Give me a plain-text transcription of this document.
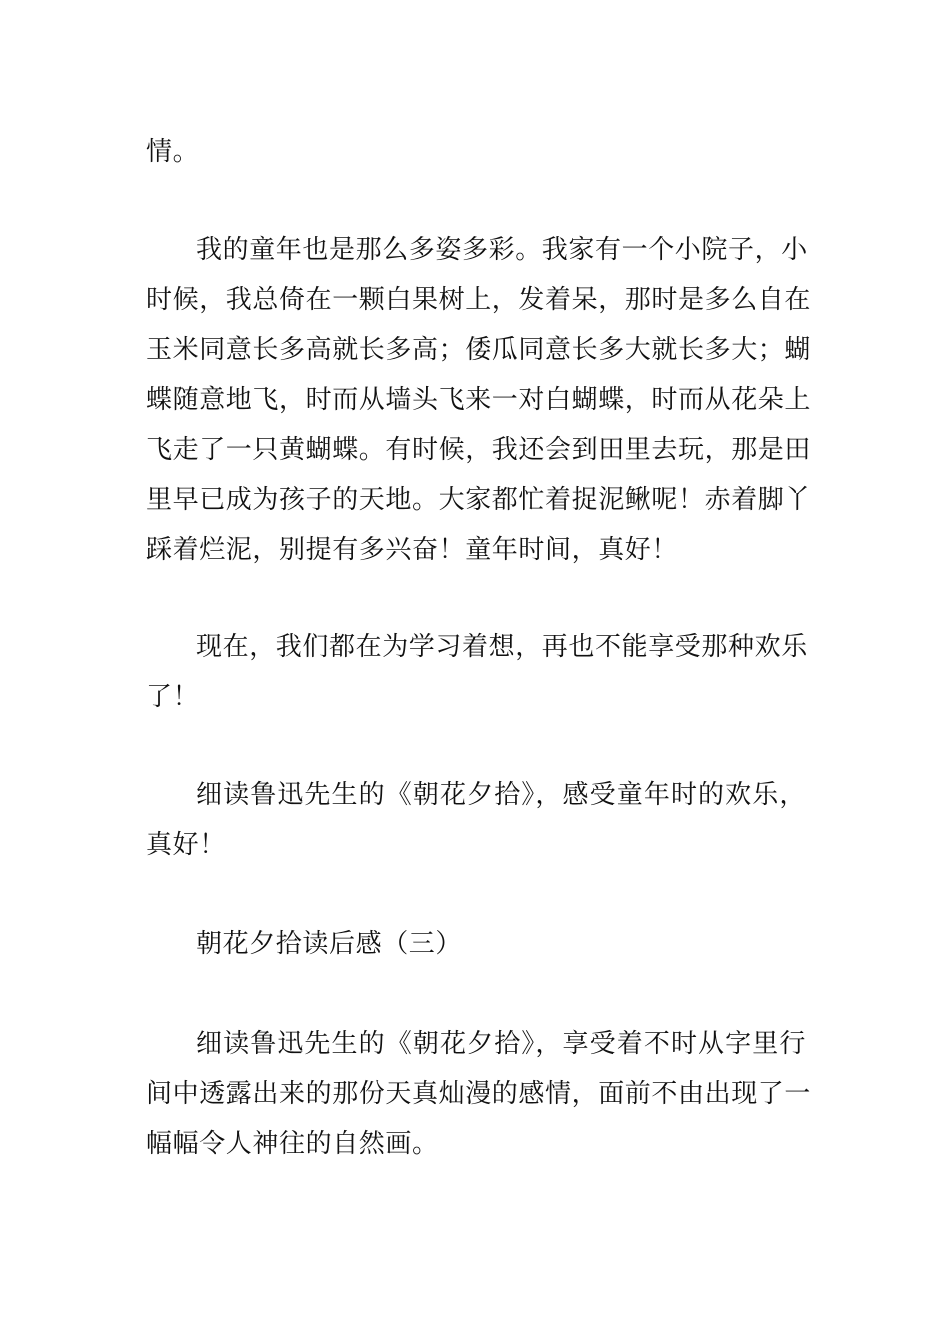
情。
我的童年也是那么多姿多彩。我家有一个小院子，小
时候，我总倚在一颗白果树上，发着呆，那时是多么自在
玉米同意长多高就长多高；倭瓜同意长多大就长多大；蝴
蝶随意地飞，时而从墙头飞来一对白蝴蝶，时而从花朵上
飞走了一只黄蝴蝶。有时候，我还会到田里去玩，那是田
里早已成为孩子的天地。大家都忙着捉泥鳅呢！赤着脚丫
踩着烂泥，别提有多兴奋！童年时间，真好！
现在，我们都在为学习着想，再也不能享受那种欢乐
了！
细读鲁迅先生的《朝花夕拾》，感受童年时的欢乐，
真好！
朝花夕拾读后感（三）
细读鲁迅先生的《朝花夕拾》，享受着不时从字里行
间中透露出来的那份天真灿漫的感情，面前不由出现了一
幅幅令人神往的自然画。
